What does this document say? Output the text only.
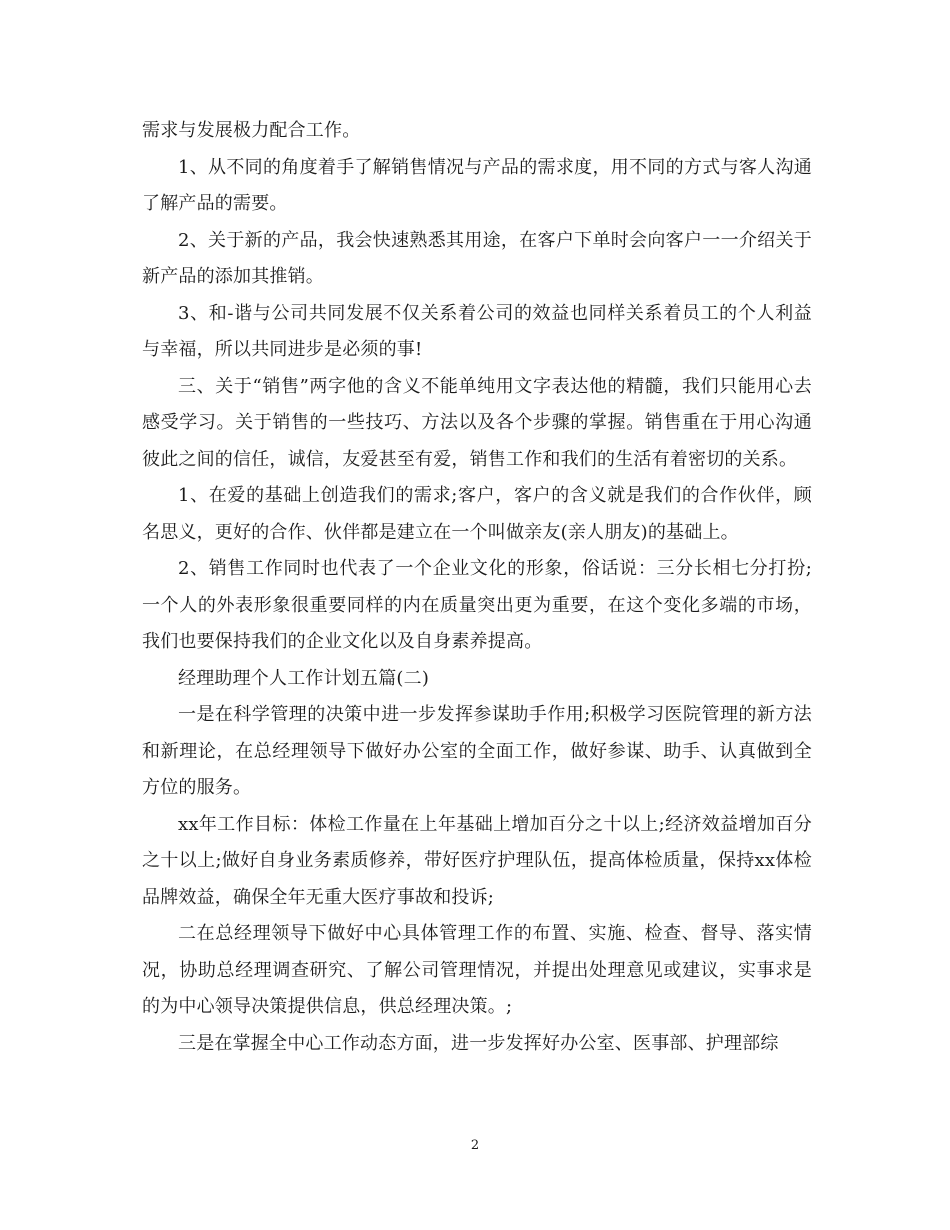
需求与发展极力配合工作。

1、从不同的角度着手了解销售情况与产品的需求度，用不同的方式与客人沟通了解产品的需要。

2、关于新的产品，我会快速熟悉其用途，在客户下单时会向客户一一介绍关于新产品的添加其推销。

3、和-谐与公司共同发展不仅关系着公司的效益也同样关系着员工的个人利益与幸福，所以共同进步是必须的事!

三、关于“销售”两字他的含义不能单纯用文字表达他的精髓，我们只能用心去感受学习。关于销售的一些技巧、方法以及各个步骤的掌握。销售重在于用心沟通彼此之间的信任，诚信，友爱甚至有爱，销售工作和我们的生活有着密切的关系。

1、在爱的基础上创造我们的需求;客户，客户的含义就是我们的合作伙伴，顾名思义，更好的合作、伙伴都是建立在一个叫做亲友(亲人朋友)的基础上。

2、销售工作同时也代表了一个企业文化的形象，俗话说：三分长相七分打扮;一个人的外表形象很重要同样的内在质量突出更为重要，在这个变化多端的市场，我们也要保持我们的企业文化以及自身素养提高。

经理助理个人工作计划五篇(二)

一是在科学管理的决策中进一步发挥参谋助手作用;积极学习医院管理的新方法和新理论，在总经理领导下做好办公室的全面工作，做好参谋、助手、认真做到全方位的服务。

xx年工作目标：体检工作量在上年基础上增加百分之十以上;经济效益增加百分之十以上;做好自身业务素质修养，带好医疗护理队伍，提高体检质量，保持xx体检品牌效益，确保全年无重大医疗事故和投诉;

二在总经理领导下做好中心具体管理工作的布置、实施、检查、督导、落实情况，协助总经理调查研究、了解公司管理情况，并提出处理意见或建议，实事求是的为中心领导决策提供信息，供总经理决策。;

三是在掌握全中心工作动态方面，进一步发挥好办公室、医事部、护理部综

2
